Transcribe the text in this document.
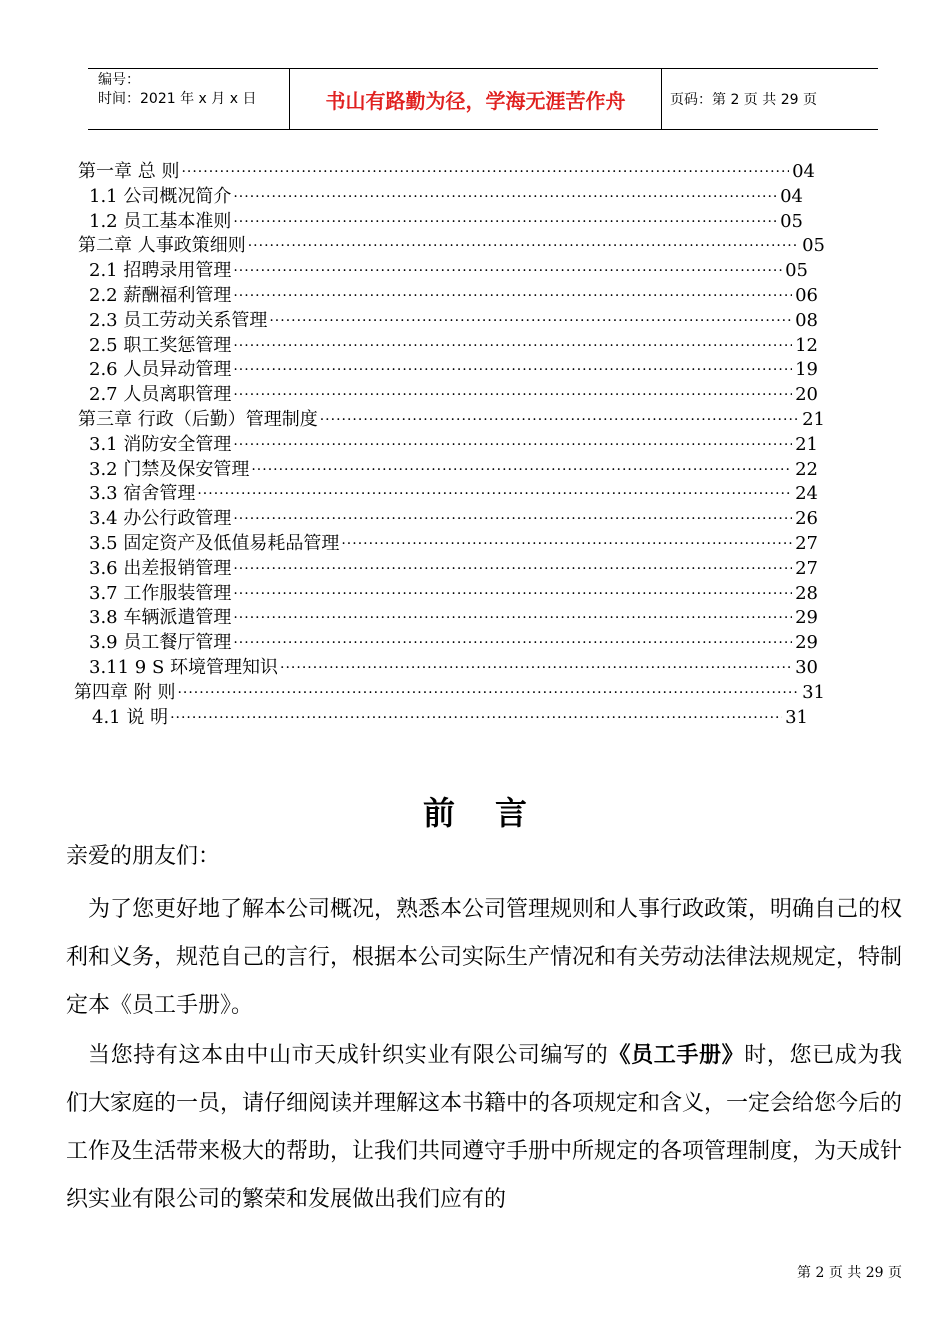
编号：
时间：2021 年 x 月 x 日	书山有路勤为径，学海无涯苦作舟	页码：第 2 页 共 29 页
第一章 总 则 ·····	04
1.1 公司概况简介 ·····	04
1.2 员工基本准则 ·····	05
第二章 人事政策细则 ·····	05
2.1 招聘录用管理 ·····	05
2.2 薪酬福利管理 ·····	06
2.3 员工劳动关系管理 ·····	08
2.5 职工奖惩管理 ·····	12
2.6 人员异动管理 ·····	19
2.7 人员离职管理 ·····	20
第三章 行政（后勤）管理制度 ·····	21
3.1 消防安全管理 ·····	21
3.2 门禁及保安管理 ·····	22
3.3 宿舍管理 ·····	24
3.4 办公行政管理 ·····	26
3.5 固定资产及低值易耗品管理 ·····	27
3.6 出差报销管理 ·····	27
3.7 工作服装管理 ·····	28
3.8 车辆派遣管理 ·····	29
3.9 员工餐厅管理 ·····	29
3.11 9 S 环境管理知识 ·····	30
第四章 附 则 ·····	31
4.1 说 明 ·····	31
前言
亲爱的朋友们：
为了您更好地了解本公司概况，熟悉本公司管理规则和人事行政政策，明确自己的权利和义务，规范自己的言行，根据本公司实际生产情况和有关劳动法律法规规定，特制定本《员工手册》。
当您持有这本由中山市天成针织实业有限公司编写的《员工手册》时，您已成为我们大家庭的一员，请仔细阅读并理解这本书籍中的各项规定和含义，一定会给您今后的工作及生活带来极大的帮助，让我们共同遵守手册中所规定的各项管理制度，为天成针织实业有限公司的繁荣和发展做出我们应有的
第 2 页 共 29 页
